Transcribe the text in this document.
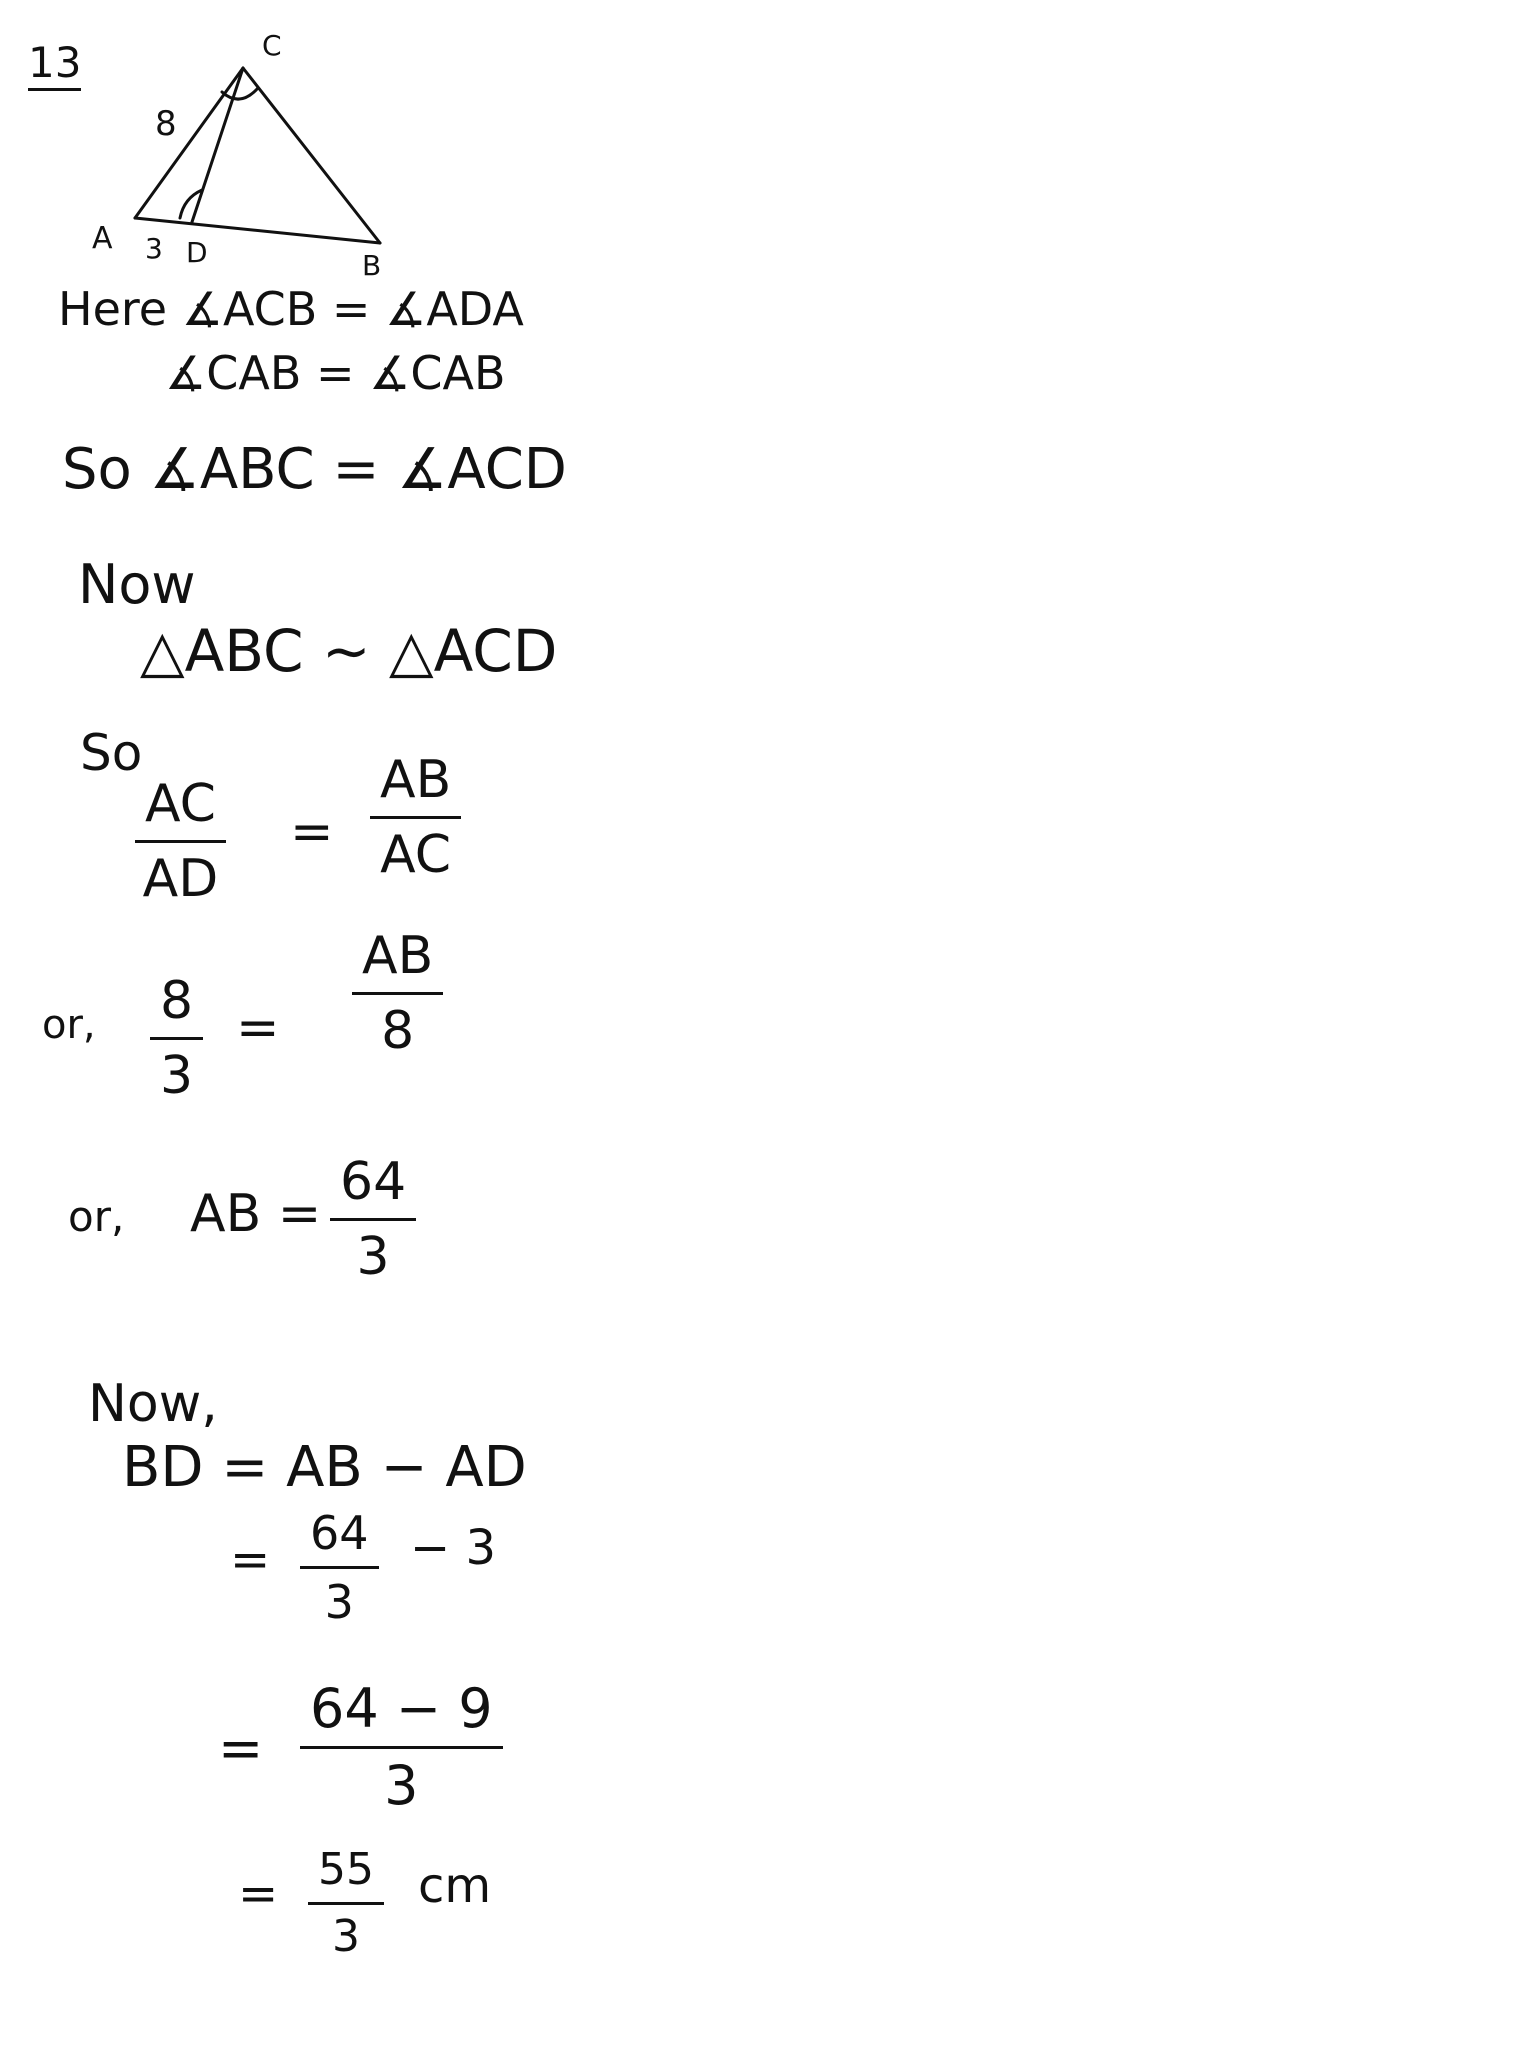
13	C
A	D	B
8
3
Here ∡ACB = ∡ADA
∡CAB = ∡CAB
So ∡ABC = ∡ACD
Now
△ABC ∼ △ACD
So
$\frac{AC}{AD} = \frac{AB}{AC}$
or, $\frac{8}{3} = \frac{AB}{8}$
or, AB = $\frac{64}{3}$
Now,
BD = AB − AD
= $\frac{64}{3} - 3$
= $\frac{64 - 9}{3}$
= $\frac{55}{3}$ cm
